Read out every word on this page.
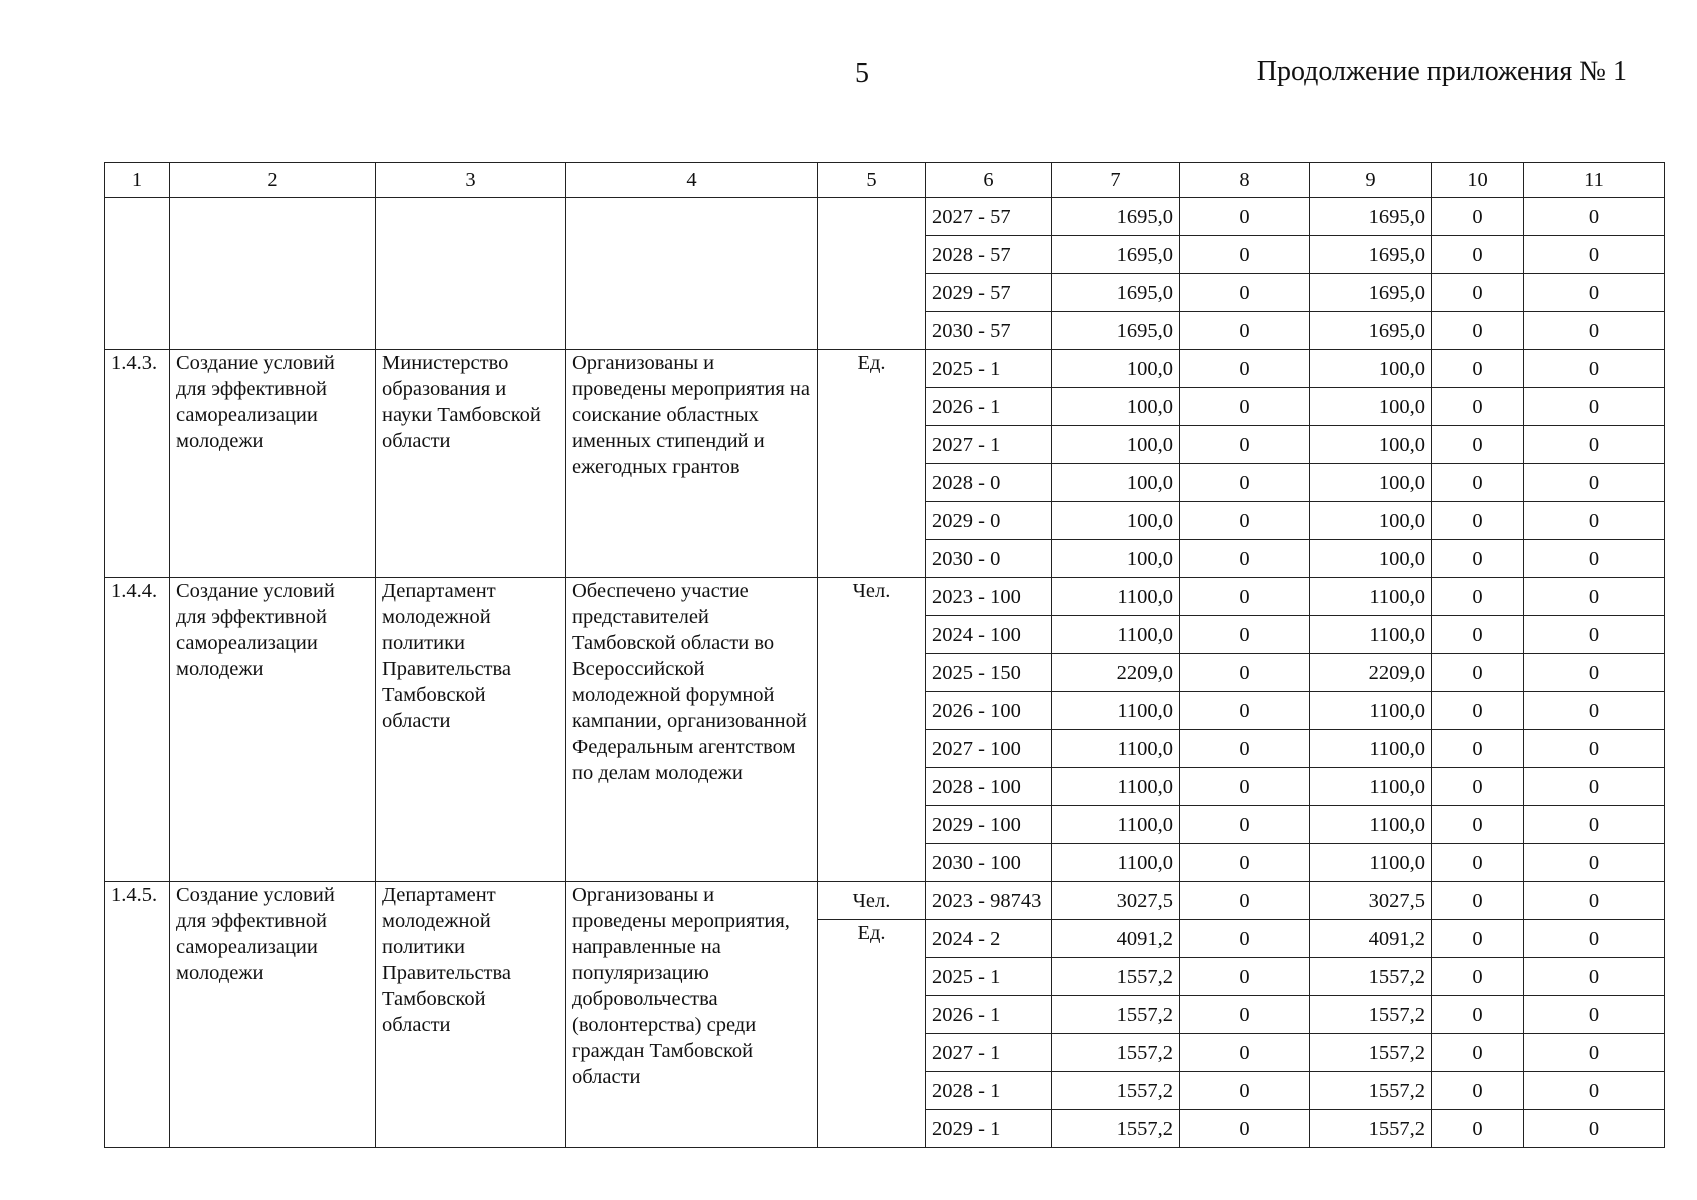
5	Продолжение приложения № 1
1	2	3	4	5	6	7	8	9	10	11
					2027 - 57	1695,0	0	1695,0	0	0
					2028 - 57	1695,0	0	1695,0	0	0
					2029 - 57	1695,0	0	1695,0	0	0
					2030 - 57	1695,0	0	1695,0	0	0
1.4.3.	Создание условий для эффективной самореализации молодежи	Министерство образования и науки Тамбовской области	Организованы и проведены мероприятия на соискание областных именных стипендий и ежегодных грантов	Ед.	2025 - 1	100,0	0	100,0	0	0
					2026 - 1	100,0	0	100,0	0	0
					2027 - 1	100,0	0	100,0	0	0
					2028 - 0	100,0	0	100,0	0	0
					2029 - 0	100,0	0	100,0	0	0
					2030 - 0	100,0	0	100,0	0	0
1.4.4.	Создание условий для эффективной самореализации молодежи	Департамент молодежной политики Правительства Тамбовской области	Обеспечено участие представителей Тамбовской области во Всероссийской молодежной форумной кампании, организованной Федеральным агентством по делам молодежи	Чел.	2023 - 100	1100,0	0	1100,0	0	0
					2024 - 100	1100,0	0	1100,0	0	0
					2025 - 150	2209,0	0	2209,0	0	0
					2026 - 100	1100,0	0	1100,0	0	0
					2027 - 100	1100,0	0	1100,0	0	0
					2028 - 100	1100,0	0	1100,0	0	0
					2029 - 100	1100,0	0	1100,0	0	0
					2030 - 100	1100,0	0	1100,0	0	0
1.4.5.	Создание условий для эффективной самореализации молодежи	Департамент молодежной политики Правительства Тамбовской области	Организованы и проведены мероприятия, направленные на популяризацию добровольчества (волонтерства) среди граждан Тамбовской области	Чел.	2023 - 98743	3027,5	0	3027,5	0	0
				Ед.	2024 - 2	4091,2	0	4091,2	0	0
					2025 - 1	1557,2	0	1557,2	0	0
					2026 - 1	1557,2	0	1557,2	0	0
					2027 - 1	1557,2	0	1557,2	0	0
					2028 - 1	1557,2	0	1557,2	0	0
					2029 - 1	1557,2	0	1557,2	0	0
